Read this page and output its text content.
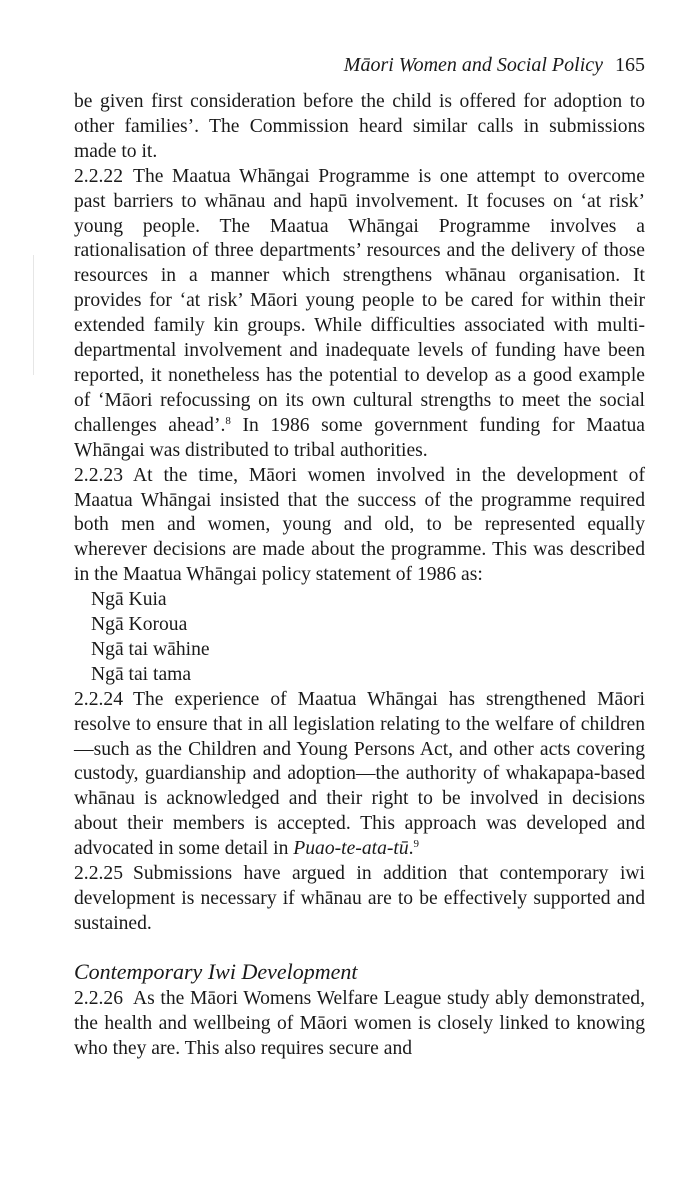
Māori Women and Social Policy 165

be given first consideration before the child is offered for adoption to other families’. The Commission heard similar calls in submissions made to it.

2.2.22 The Maatua Whāngai Programme is one attempt to overcome past barriers to whānau and hapū involvement. It focuses on ‘at risk’ young people. The Maatua Whāngai Programme involves a rationalisation of three departments’ resources and the delivery of those resources in a manner which strengthens whānau organisation. It provides for ‘at risk’ Māori young people to be cared for within their extended family kin groups. While difficulties associated with multi-departmental involvement and inadequate levels of funding have been reported, it nonetheless has the potential to develop as a good example of ‘Māori refocussing on its own cultural strengths to meet the social challenges ahead’.$^8$ In 1986 some government funding for Maatua Whāngai was distributed to tribal authorities.

2.2.23 At the time, Māori women involved in the development of Maatua Whāngai insisted that the success of the programme required both men and women, young and old, to be represented equally wherever decisions are made about the programme. This was described in the Maatua Whāngai policy statement of 1986 as:

Ngā Kuia
Ngā Koroua
Ngā tai wāhine
Ngā tai tama

2.2.24 The experience of Maatua Whāngai has strengthened Māori resolve to ensure that in all legislation relating to the welfare of children—such as the Children and Young Persons Act, and other acts covering custody, guardianship and adoption—the authority of whakapapa-based whānau is acknowledged and their right to be involved in decisions about their members is accepted. This approach was developed and advocated in some detail in Puao-te-ata-tū.$^9$

2.2.25 Submissions have argued in addition that contemporary iwi development is necessary if whānau are to be effectively supported and sustained.

Contemporary Iwi Development

2.2.26 As the Māori Womens Welfare League study ably demonstrated, the health and wellbeing of Māori women is closely linked to knowing who they are. This also requires secure and
